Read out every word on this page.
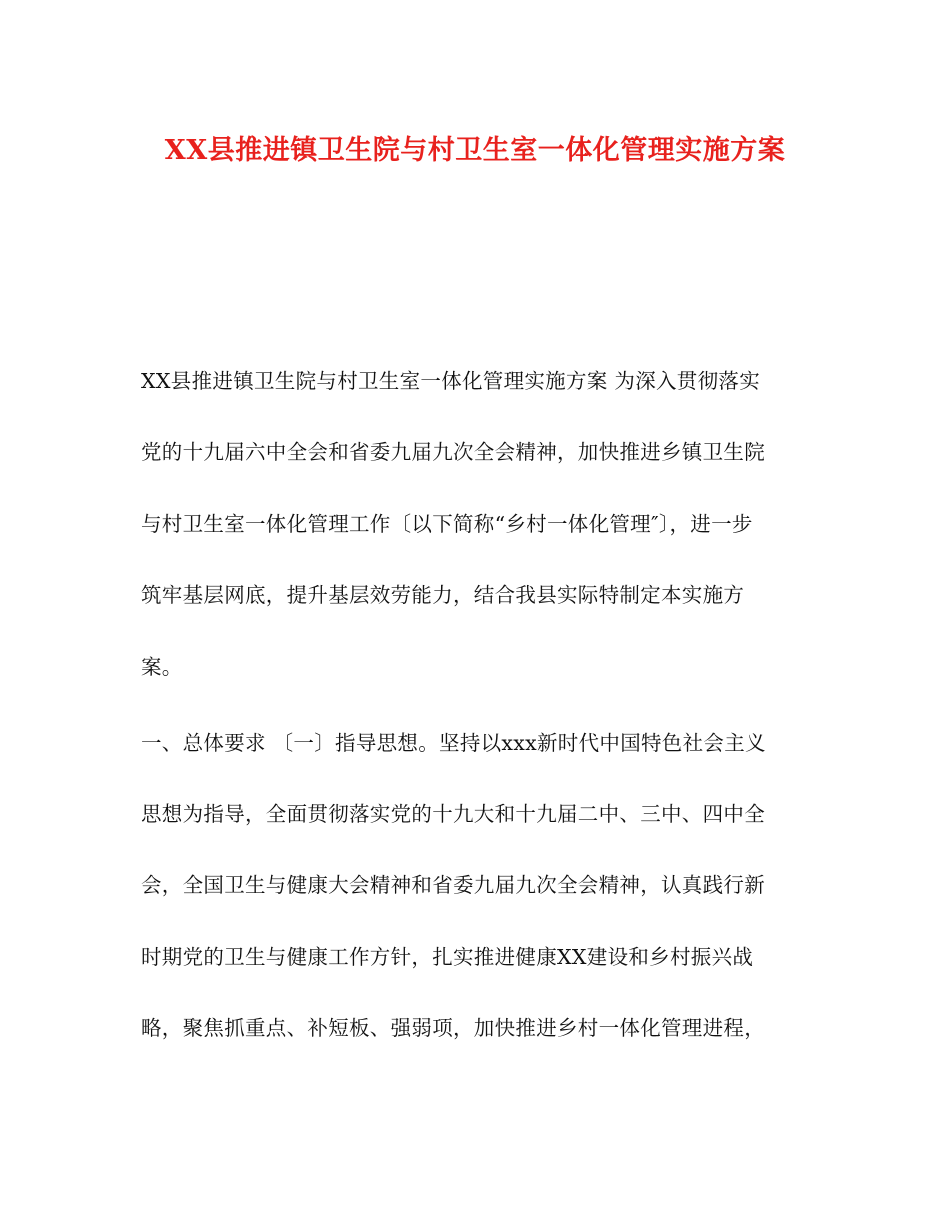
XX县推进镇卫生院与村卫生室一体化管理实施方案
XX县推进镇卫生院与村卫生室一体化管理实施方案 为深入贯彻落实
党的十九届六中全会和省委九届九次全会精神，加快推进乡镇卫生院
与村卫生室一体化管理工作〔以下简称“乡村一体化管理″〕，进一步
筑牢基层网底，提升基层效劳能力，结合我县实际特制定本实施方
案。
一、总体要求 〔一〕指导思想。坚持以xxx新时代中国特色社会主义
思想为指导，全面贯彻落实党的十九大和十九届二中、三中、四中全
会，全国卫生与健康大会精神和省委九届九次全会精神，认真践行新
时期党的卫生与健康工作方针，扎实推进健康XX建设和乡村振兴战
略，聚焦抓重点、补短板、强弱项，加快推进乡村一体化管理进程，
